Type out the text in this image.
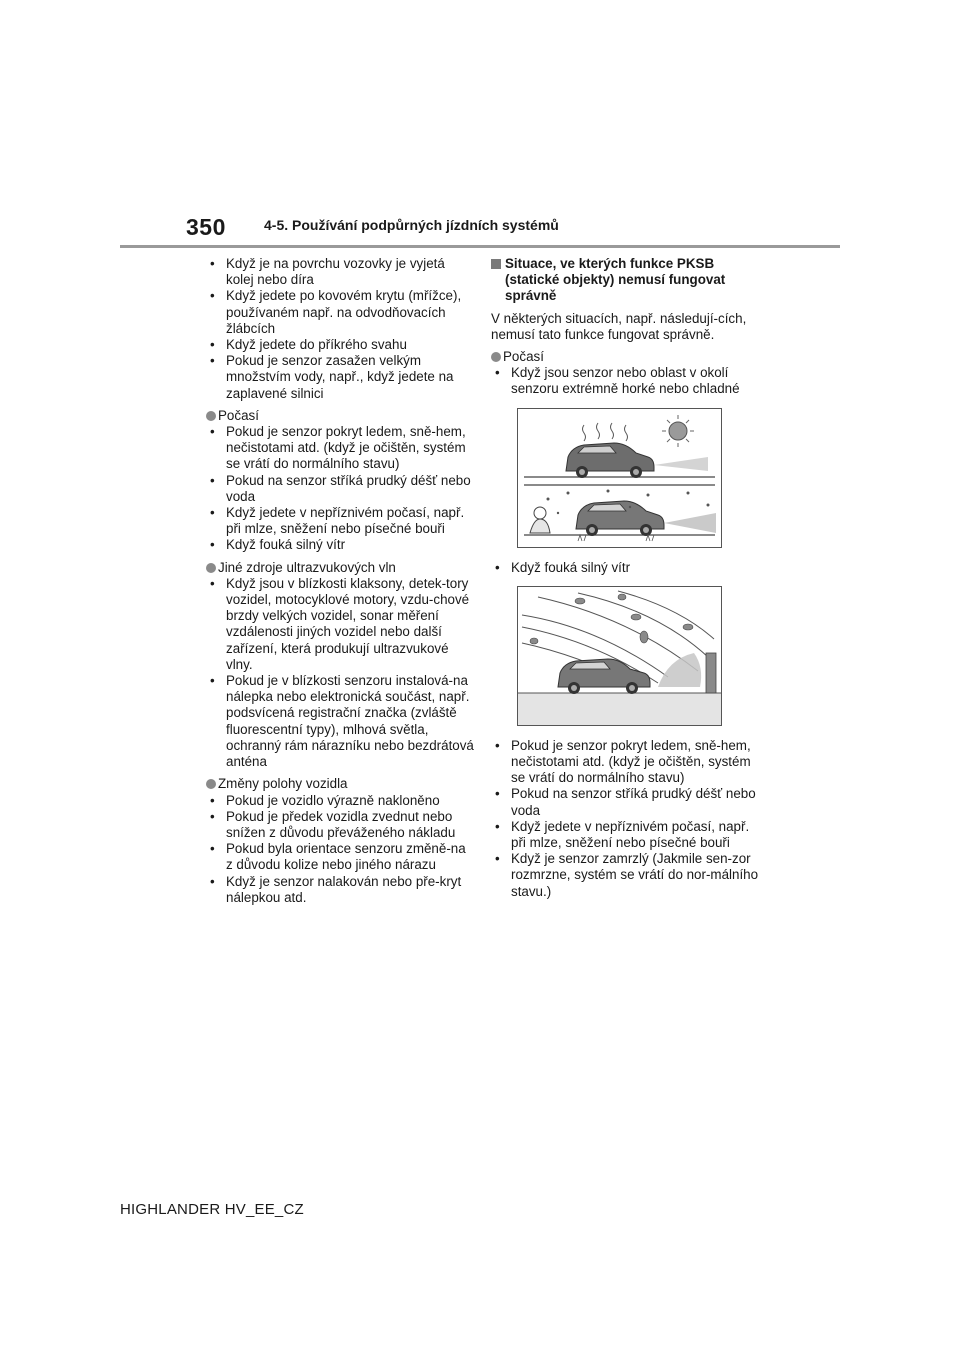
350	4-5. Používání podpůrných jízdních systémů
• Když je na povrchu vozovky je vyjetá kolej nebo díra
• Když jedete po kovovém krytu (mřížce), používaném např. na odvodňovacích žlábcích
• Když jedete do příkrého svahu
• Pokud je senzor zasažen velkým množstvím vody, např., když jedete na zaplavené silnici
Počasí
• Pokud je senzor pokryt ledem, sně-hem, nečistotami atd. (když je očištěn, systém se vrátí do normálního stavu)
• Pokud na senzor stříká prudký déšť nebo voda
• Když jedete v nepříznivém počasí, např. při mlze, sněžení nebo písečné bouři
• Když fouká silný vítr
Jiné zdroje ultrazvukových vln
• Když jsou v blízkosti klaksony, detek-tory vozidel, motocyklové motory, vzdu-chové brzdy velkých vozidel, sonar měření vzdálenosti jiných vozidel nebo další zařízení, která produkují ultrazvukové vlny.
• Pokud je v blízkosti senzoru instalová-na nálepka nebo elektronická součást, např. podsvícená registrační značka (zvláště fluorescentní typy), mlhová světla, ochranný rám nárazníku nebo bezdrátová anténa
Změny polohy vozidla
• Pokud je vozidlo výrazně nakloněno
• Pokud je předek vozidla zvednut nebo snížen z důvodu převáženého nákladu
• Pokud byla orientace senzoru změně-na z důvodu kolize nebo jiného nárazu
• Když je senzor nalakován nebo pře-kryt nálepkou atd.
Situace, ve kterých funkce PKSB (statické objekty) nemusí fungovat správně
V některých situacích, např. následují-cích, nemusí tato funkce fungovat správně.
Počasí
• Když jsou senzor nebo oblast v okolí senzoru extrémně horké nebo chladné
• Když fouká silný vítr
• Pokud je senzor pokryt ledem, sně-hem, nečistotami atd. (když je očištěn, systém se vrátí do normálního stavu)
• Pokud na senzor stříká prudký déšť nebo voda
• Když jedete v nepříznivém počasí, např. při mlze, sněžení nebo písečné bouři
• Když je senzor zamrzlý (Jakmile sen-zor rozmrzne, systém se vrátí do nor-málního stavu.)
HIGHLANDER HV_EE_CZ
